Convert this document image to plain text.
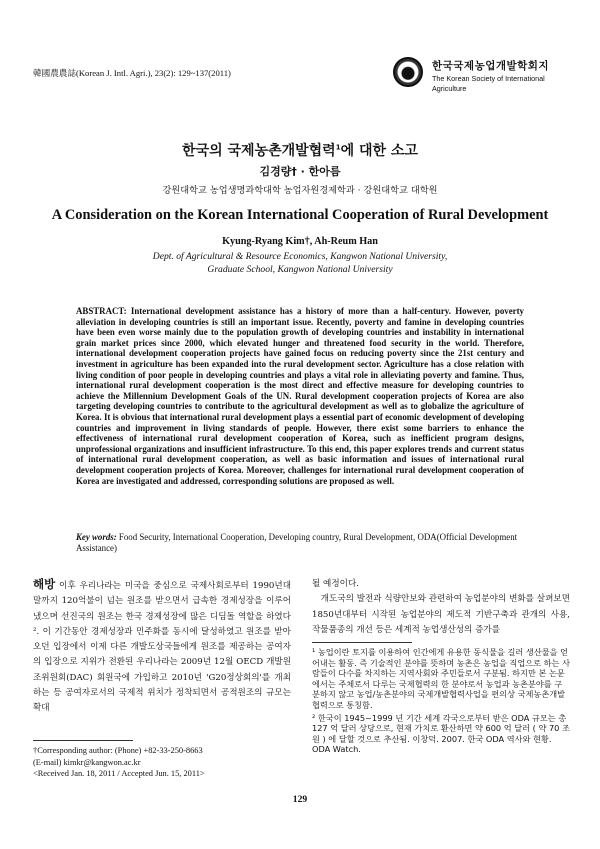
韓國農農誌(Korean J. Intl. Agri.), 23(2): 129~137(2011)
한국국제농업개발학회지
The Korean Society of International
Agriculture
한국의 국제농촌개발협력$^1$에 대한 소고
김경량† · 한아름
강원대학교 농업생명과학대학 농업자원경제학과 · 강원대학교 대학원
A Consideration on the Korean International Cooperation of Rural Development
Kyung-Ryang Kim†, Ah-Reum Han
Dept. of Agricultural & Resource Economics, Kangwon National University,
Graduate School, Kangwon National University
ABSTRACT: International development assistance has a history of more than a half-century. However, poverty alleviation in developing countries is still an important issue. Recently, poverty and famine in developing countries have been even worse mainly due to the population growth of developing countries and instability in international grain market prices since 2000, which elevated hunger and threatened food security in the world. Therefore, international development cooperation projects have gained focus on reducing poverty since the 21st century and investment in agriculture has been expanded into the rural development sector. Agriculture has a close relation with living condition of poor people in developing countries and plays a vital role in alleviating poverty and famine. Thus, international rural development cooperation is the most direct and effective measure for developing countries to achieve the Millennium Development Goals of the UN. Rural development cooperation projects of Korea are also targeting developing countries to contribute to the agricultural development as well as to globalize the agriculture of Korea. It is obvious that international rural development plays a essential part of economic development of developing countries and improvement in living standards of people. However, there exist some barriers to enhance the effectiveness of international rural development cooperation of Korea, such as inefficient program designs, unprofessional organizations and insufficient infrastructure. To this end, this paper explores trends and current status of international rural development cooperation, as well as basic information and issues of international rural development cooperation projects of Korea. Moreover, challenges for international rural development cooperation of Korea are investigated and addressed, corresponding solutions are proposed as well.
Key words: Food Security, International Cooperation, Developing country, Rural Development, ODA(Official Development Assistance)
해방 이후 우리나라는 미국을 중심으로 국제사회로부터 1990년대 말까지 120억불이 넘는 원조를 받으면서 급속한 경제성장을 이루어냈으며 선진국의 원조는 한국 경제성장에 많은 디딤돌 역할을 하였다². 이 기간동안 경제성장과 민주화를 동시에 달성하였고 원조를 받아오던 입장에서 이제 다른 개발도상국들에게 원조를 제공하는 공여자의 입장으로 지위가 전환된 우리나라는 2009년 12월 OECD 개발원조위원회(DAC) 회원국에 가입하고 2010년 'G20정상회의'를 개최하는 등 공여자로서의 국제적 위치가 정착되면서 공적원조의 규모는 확대
될 예정이다.
　개도국의 발전과 식량안보와 관련하여 농업분야의 변화를 살펴보면 1850년대부터 시작된 농업분야의 제도적 기반구축과 관개의 사용, 작물품종의 개선 등은 세계적 농업생산성의 증가를

¹ 농업이란 토지를 이용하여 인간에게 유용한 동식물을 길러 생산물을 얻어내는 활동. 즉 기술적인 분야를 뜻하며 농촌은 농업을 직업으로 하는 사람들이 다수를 차지하는 지역사회와 주민들로서 구분됨. 하지만 본 논문에서는 주체로서 다루는 국제협력의 한 분야로서 농업과 농촌분야를 구분하지 않고 농업/농촌분야의 국제개발협력사업을 편의상 국제농촌개발협력으로 통칭함.

² 한국이 1945~1999 년 기간 세계 각국으로부터 받은 ODA 규모는 총 127 억 달러 상당으로, 현재 가치로 환산하면 약 600 억 달러 ( 약 70 조원 ) 에 달할 것으로 추산됨. 이창덕. 2007. 한국 ODA 역사와 현황. ODA Watch.

†Corresponding author: (Phone) +82-33-250-8663
(E-mail) kimkr@kangwon.ac.kr
<Received Jan. 18, 2011 / Accepted Jun. 15, 2011>
129
